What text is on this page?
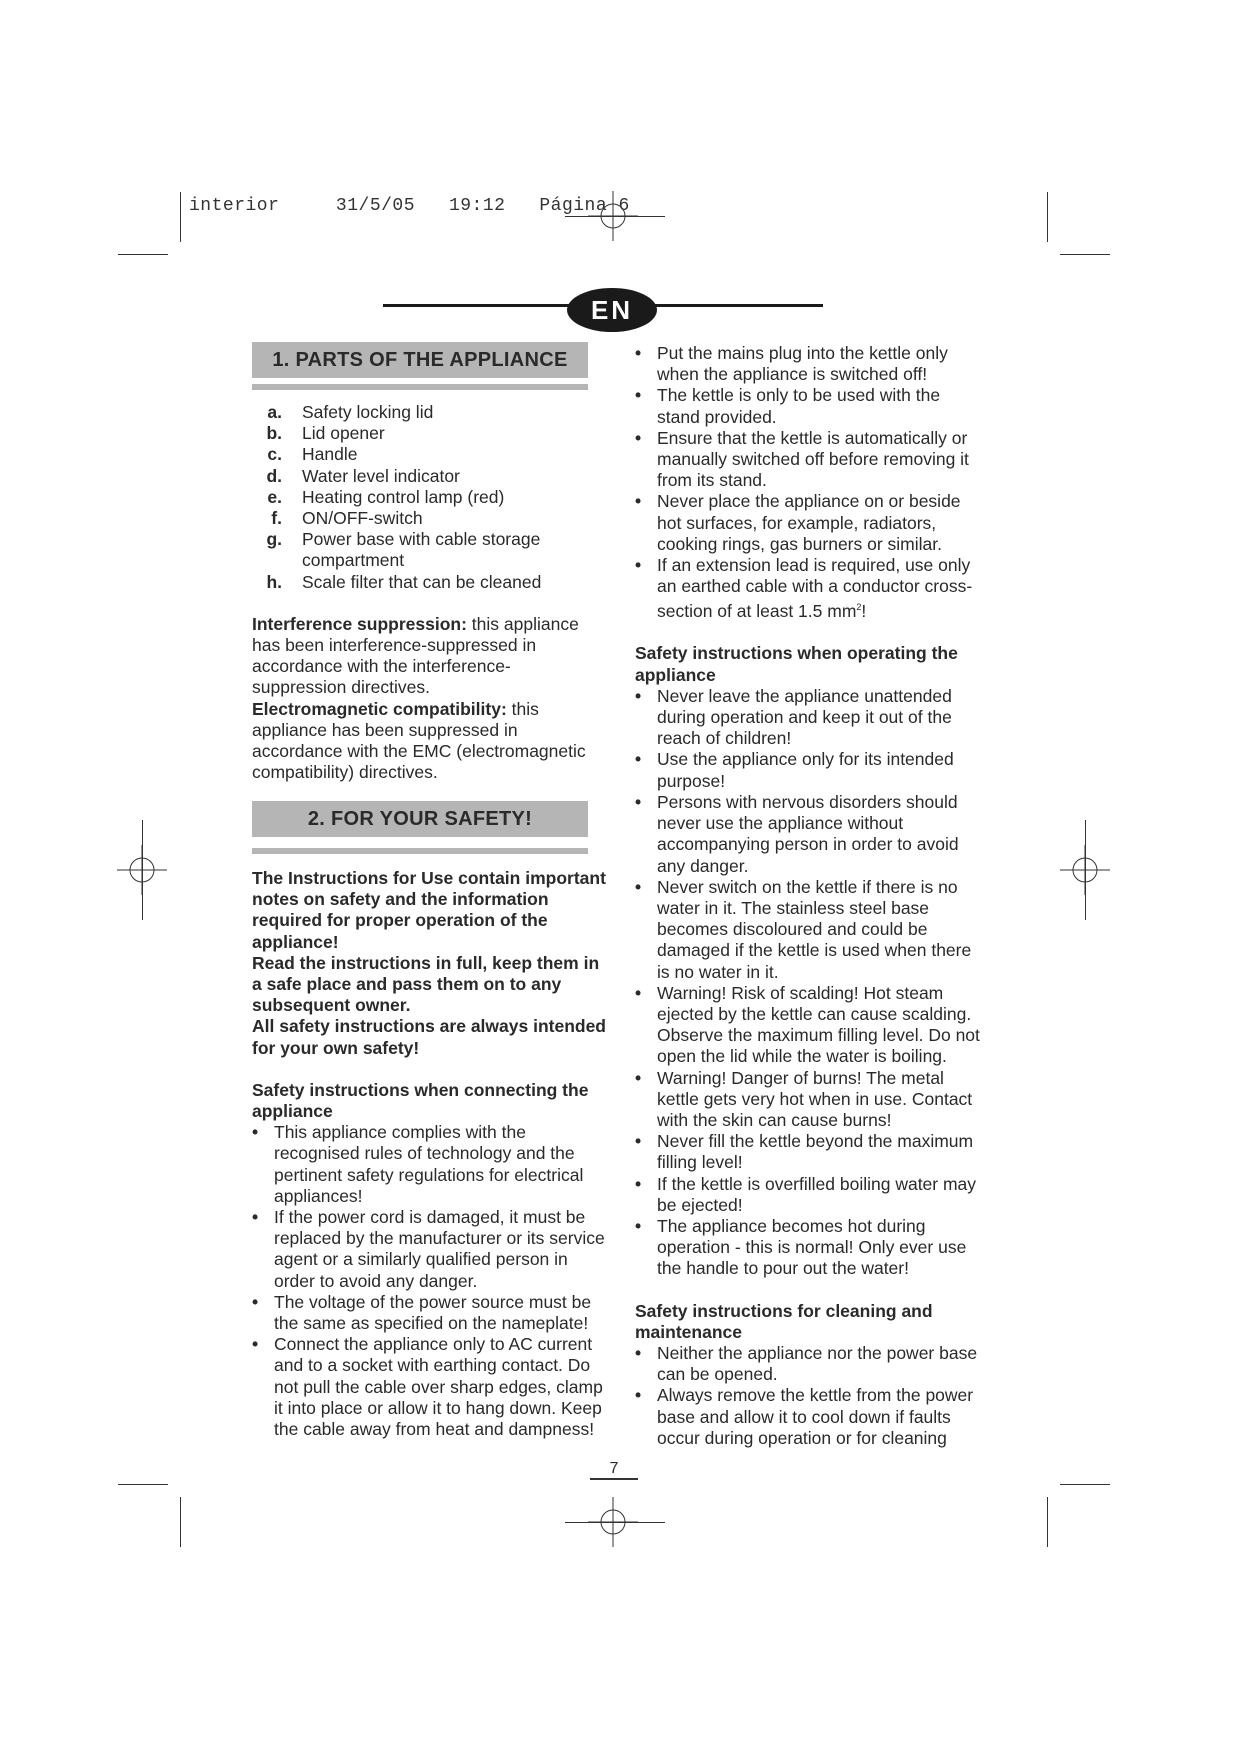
interior     31/5/05   19:12   Página 6
EN
1. PARTS OF THE APPLIANCE
a. Safety locking lid
b. Lid opener
c. Handle
d. Water level indicator
e. Heating control lamp (red)
f. ON/OFF-switch
g. Power base with cable storage compartment
h. Scale filter that can be cleaned

Interference suppression: this appliance has been interference-suppressed in accordance with the interference-suppression directives.

Electromagnetic compatibility: this appliance has been suppressed in accordance with the EMC (electromagnetic compatibility) directives.

2. FOR YOUR SAFETY!

The Instructions for Use contain important notes on safety and the information required for proper operation of the appliance!

Read the instructions in full, keep them in a safe place and pass them on to any subsequent owner.

All safety instructions are always intended for your own safety!

Safety instructions when connecting the appliance

• This appliance complies with the recognised rules of technology and the pertinent safety regulations for electrical appliances!
• If the power cord is damaged, it must be replaced by the manufacturer or its service agent or a similarly qualified person in order to avoid any danger.
• The voltage of the power source must be the same as specified on the nameplate!
• Connect the appliance only to AC current and to a socket with earthing contact. Do not pull the cable over sharp edges, clamp it into place or allow it to hang down. Keep the cable away from heat and dampness!
• Put the mains plug into the kettle only when the appliance is switched off!
• The kettle is only to be used with the stand provided.
• Ensure that the kettle is automatically or manually switched off before removing it from its stand.
• Never place the appliance on or beside hot surfaces, for example, radiators, cooking rings, gas burners or similar.
• If an extension lead is required, use only an earthed cable with a conductor cross-section of at least 1.5 $mm^2$!

Safety instructions when operating the appliance

• Never leave the appliance unattended during operation and keep it out of the reach of children!
• Use the appliance only for its intended purpose!
• Persons with nervous disorders should never use the appliance without accompanying person in order to avoid any danger.
• Never switch on the kettle if there is no water in it. The stainless steel base becomes discoloured and could be damaged if the kettle is used when there is no water in it.
• Warning! Risk of scalding! Hot steam ejected by the kettle can cause scalding. Observe the maximum filling level. Do not open the lid while the water is boiling.
• Warning! Danger of burns! The metal kettle gets very hot when in use. Contact with the skin can cause burns!
• Never fill the kettle beyond the maximum filling level!
• If the kettle is overfilled boiling water may be ejected!
• The appliance becomes hot during operation - this is normal! Only ever use the handle to pour out the water!

Safety instructions for cleaning and maintenance

• Neither the appliance nor the power base can be opened.
• Always remove the kettle from the power base and allow it to cool down if faults occur during operation or for cleaning
7
